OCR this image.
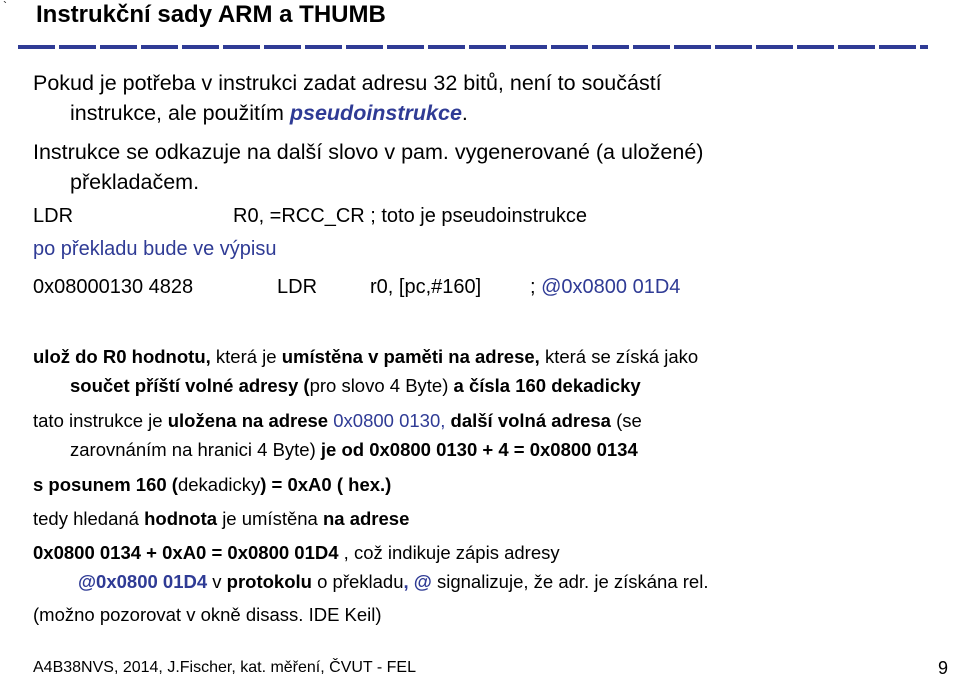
` Instrukční sady ARM a THUMB
Pokud je potřeba v instrukci zadat adresu 32 bitů, není to součástí
instrukce, ale použitím pseudoinstrukce.
Instrukce se odkazuje na další slovo v pam. vygenerované (a uložené)
překladačem.
LDR	R0, =RCC_CR ; toto je pseudoinstrukce
po překladu bude ve výpisu
0x08000130 4828	LDR	r0, [pc,#160] ; @0x0800 01D4
ulož do R0 hodnotu, která je umístěna v paměti na adrese, která se získá jako
součet příští volné adresy (pro slovo 4 Byte) a čísla 160 dekadicky
tato instrukce je uložena na adrese 0x0800 0130, další volná adresa (se
zarovnáním na hranici 4 Byte) je od 0x0800 0130 + 4 = 0x0800 0134
s posunem 160 (dekadicky) = 0xA0 ( hex.)
tedy hledaná hodnota je umístěna na adrese
0x0800 0134 + 0xA0 = 0x0800 01D4 , což indikuje zápis adresy
@0x0800 01D4 v protokolu o překladu, @ signalizuje, že adr. je získána rel.
(možno pozorovat v okně disass. IDE Keil)
A4B38NVS, 2014, J.Fischer, kat. měření, ČVUT - FEL	9
